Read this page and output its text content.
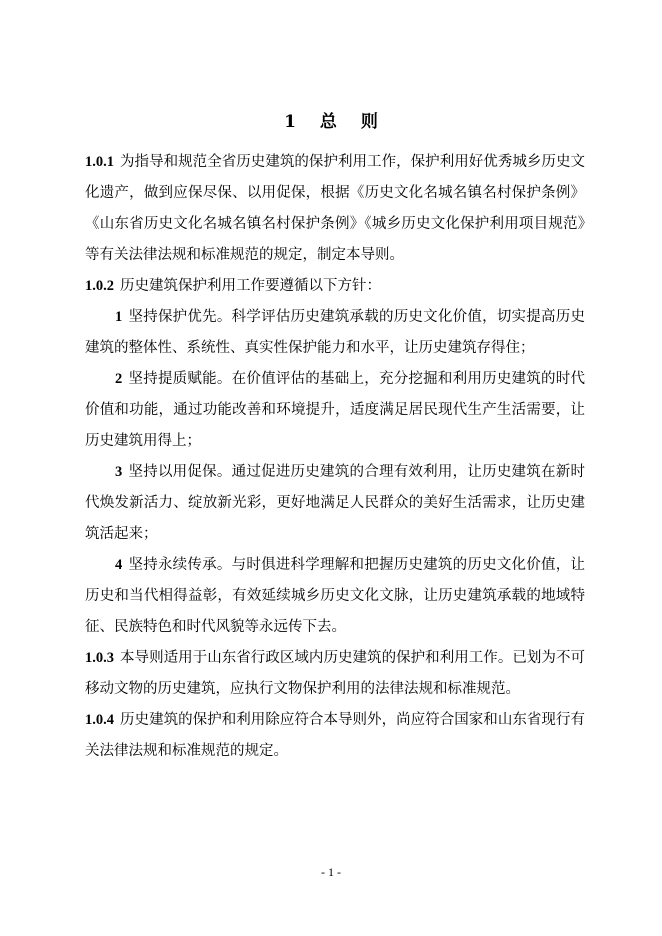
1 总 则

1.0.1 为指导和规范全省历史建筑的保护利用工作，保护利用好优秀城乡历史文化遗产，做到应保尽保、以用促保，根据《历史文化名城名镇名村保护条例》《山东省历史文化名城名镇名村保护条例》《城乡历史文化保护利用项目规范》等有关法律法规和标准规范的规定，制定本导则。

1.0.2 历史建筑保护利用工作要遵循以下方针：

1 坚持保护优先。科学评估历史建筑承载的历史文化价值，切实提高历史建筑的整体性、系统性、真实性保护能力和水平，让历史建筑存得住；

2 坚持提质赋能。在价值评估的基础上，充分挖掘和利用历史建筑的时代价值和功能，通过功能改善和环境提升，适度满足居民现代生产生活需要，让历史建筑用得上；

3 坚持以用促保。通过促进历史建筑的合理有效利用，让历史建筑在新时代焕发新活力、绽放新光彩，更好地满足人民群众的美好生活需求，让历史建筑活起来；

4 坚持永续传承。与时俱进科学理解和把握历史建筑的历史文化价值，让历史和当代相得益彰，有效延续城乡历史文化文脉，让历史建筑承载的地域特征、民族特色和时代风貌等永远传下去。

1.0.3 本导则适用于山东省行政区域内历史建筑的保护和利用工作。已划为不可移动文物的历史建筑，应执行文物保护利用的法律法规和标准规范。

1.0.4 历史建筑的保护和利用除应符合本导则外，尚应符合国家和山东省现行有关法律法规和标准规范的规定。

- 1 -
